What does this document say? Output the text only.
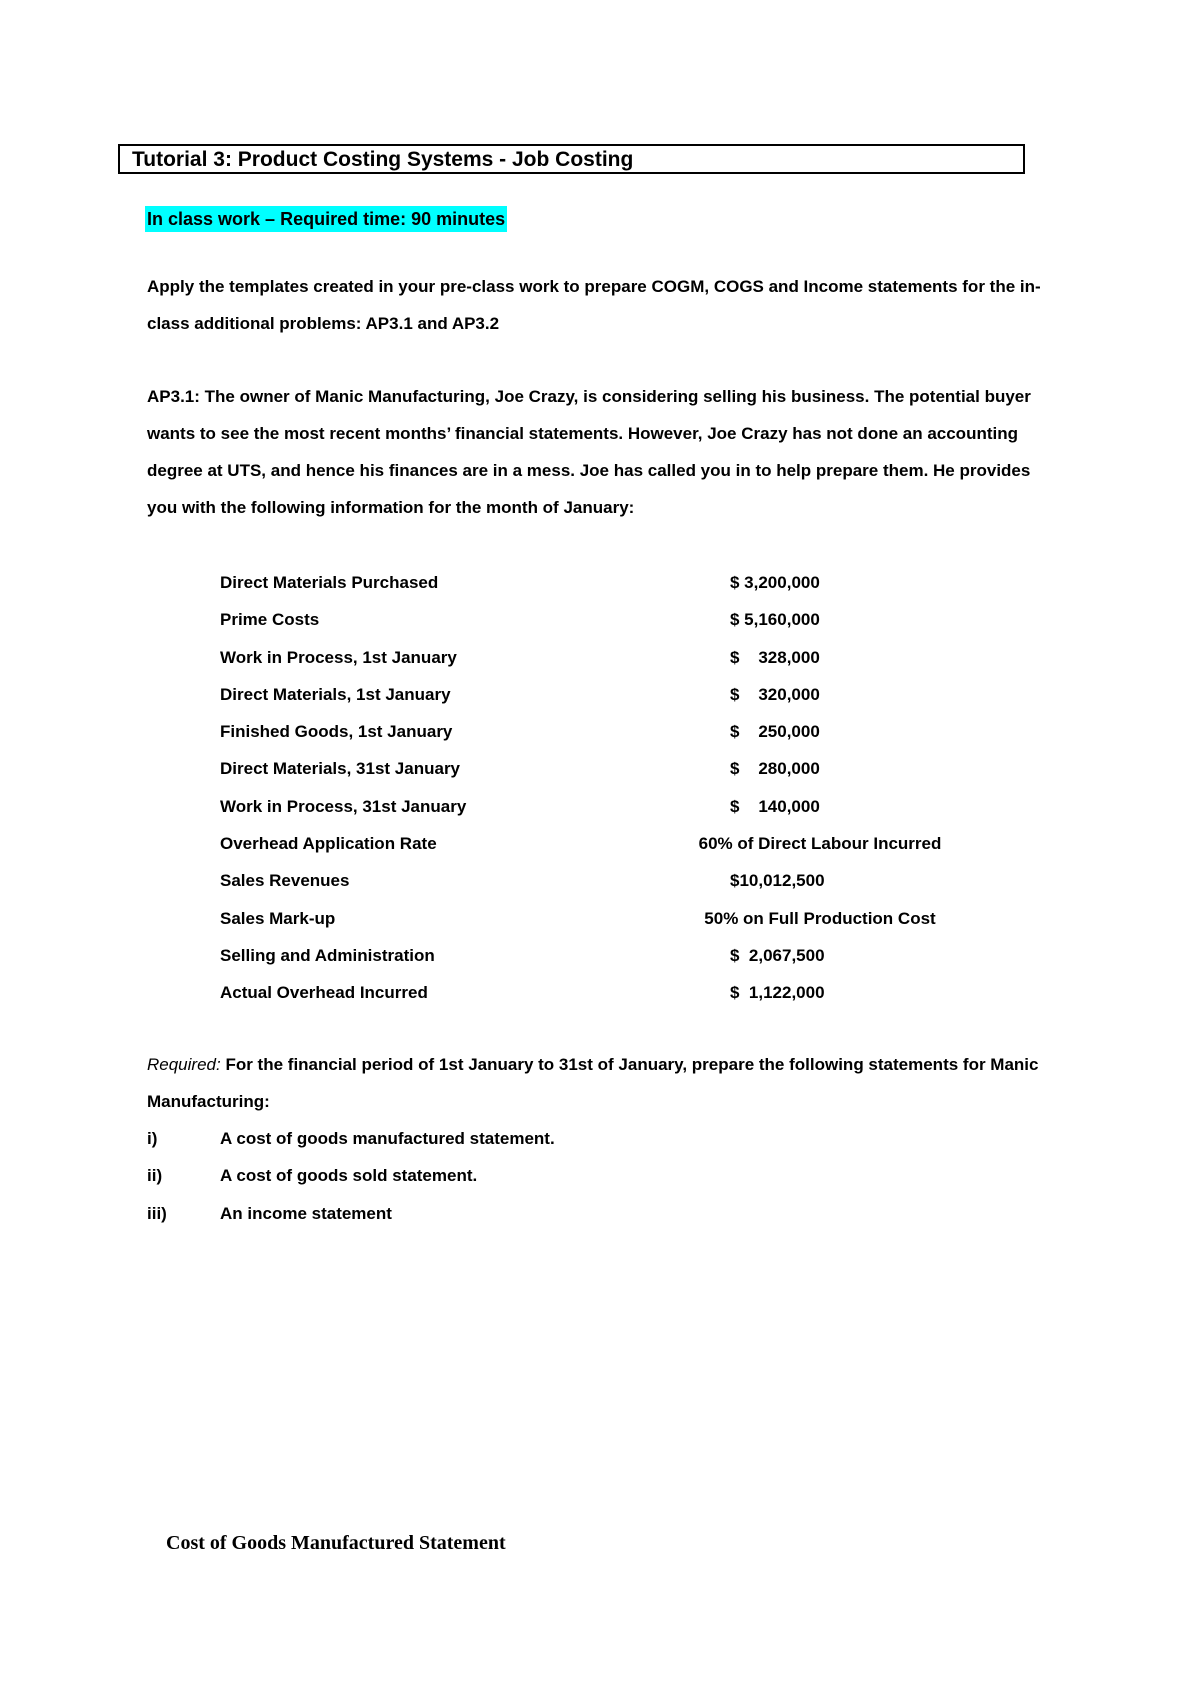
Tutorial 3: Product Costing Systems - Job Costing
In class work – Required time: 90 minutes
Apply the templates created in your pre-class work to prepare COGM, COGS and Income statements for the in-class additional problems: AP3.1 and AP3.2
AP3.1: The owner of Manic Manufacturing, Joe Crazy, is considering selling his business. The potential buyer wants to see the most recent months’ financial statements. However, Joe Crazy has not done an accounting degree at UTS, and hence his finances are in a mess. Joe has called you in to help prepare them. He provides you with the following information for the month of January:
Direct Materials Purchased	$ 3,200,000
Prime Costs	$ 5,160,000
Work in Process, 1st January	$    328,000
Direct Materials, 1st January	$    320,000
Finished Goods, 1st January	$    250,000
Direct Materials, 31st January	$    280,000
Work in Process, 31st January	$    140,000
Overhead Application Rate	60% of Direct Labour Incurred
Sales Revenues	$10,012,500
Sales Mark-up	50% on Full Production Cost
Selling and Administration	$  2,067,500
Actual Overhead Incurred	$  1,122,000
Required: For the financial period of 1st January to 31st of January, prepare the following statements for Manic Manufacturing:
i)	A cost of goods manufactured statement.
ii)	A cost of goods sold statement.
iii)	An income statement
Cost of Goods Manufactured Statement
